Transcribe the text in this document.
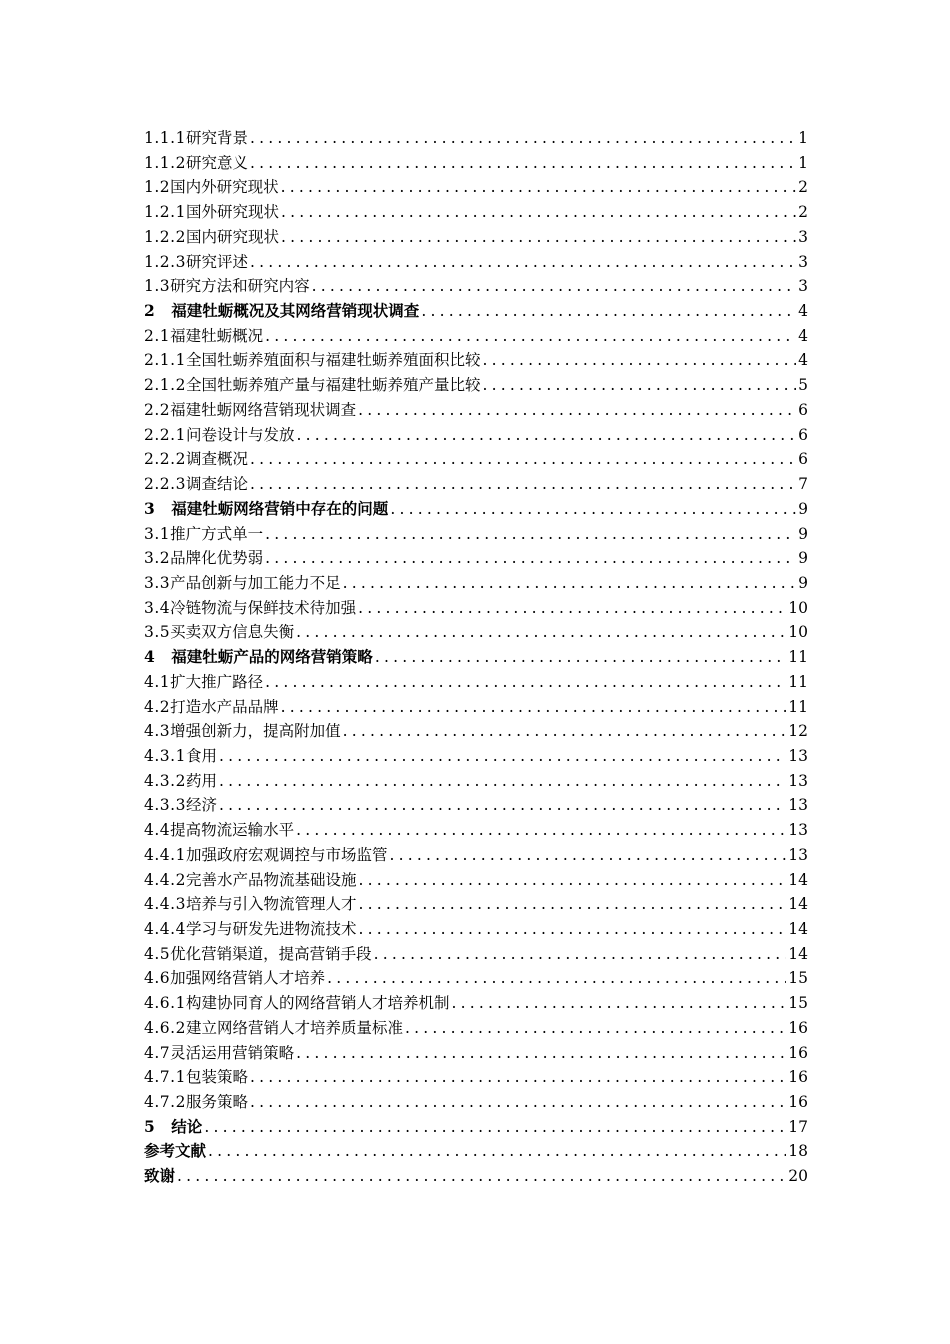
1.1.1 研究背景 .....	1
1.1.2 研究意义 .....	1
1.2 国内外研究现状 .....	2
1.2.1 国外研究现状 .....	2
1.2.2 国内研究现状 .....	3
1.2.3 研究评述 .....	3
1.3 研究方法和研究内容 .....	3
2 福建牡蛎概况及其网络营销现状调查 .....	4
2.1 福建牡蛎概况 .....	4
2.1.1 全国牡蛎养殖面积与福建牡蛎养殖面积比较 .....	4
2.1.2 全国牡蛎养殖产量与福建牡蛎养殖产量比较 .....	5
2.2 福建牡蛎网络营销现状调查 .....	6
2.2.1 问卷设计与发放 .....	6
2.2.2 调查概况 .....	6
2.2.3 调查结论 .....	7
3 福建牡蛎网络营销中存在的问题 .....	9
3.1 推广方式单一 .....	9
3.2 品牌化优势弱 .....	9
3.3 产品创新与加工能力不足 .....	9
3.4 冷链物流与保鲜技术待加强 .....	10
3.5 买卖双方信息失衡 .....	10
4 福建牡蛎产品的网络营销策略 .....	11
4.1 扩大推广路径 .....	11
4.2 打造水产品品牌 .....	11
4.3 增强创新力，提高附加值 .....	12
4.3.1 食用 .....	13
4.3.2 药用 .....	13
4.3.3 经济 .....	13
4.4 提高物流运输水平 .....	13
4.4.1 加强政府宏观调控与市场监管 .....	13
4.4.2 完善水产品物流基础设施 .....	14
4.4.3 培养与引入物流管理人才 .....	14
4.4.4 学习与研发先进物流技术 .....	14
4.5 优化营销渠道，提高营销手段 .....	14
4.6 加强网络营销人才培养 .....	15
4.6.1 构建协同育人的网络营销人才培养机制 .....	15
4.6.2 建立网络营销人才培养质量标准 .....	16
4.7 灵活运用营销策略 .....	16
4.7.1 包装策略 .....	16
4.7.2 服务策略 .....	16
5 结论 .....	17
参考文献 .....	18
致谢 .....	20
